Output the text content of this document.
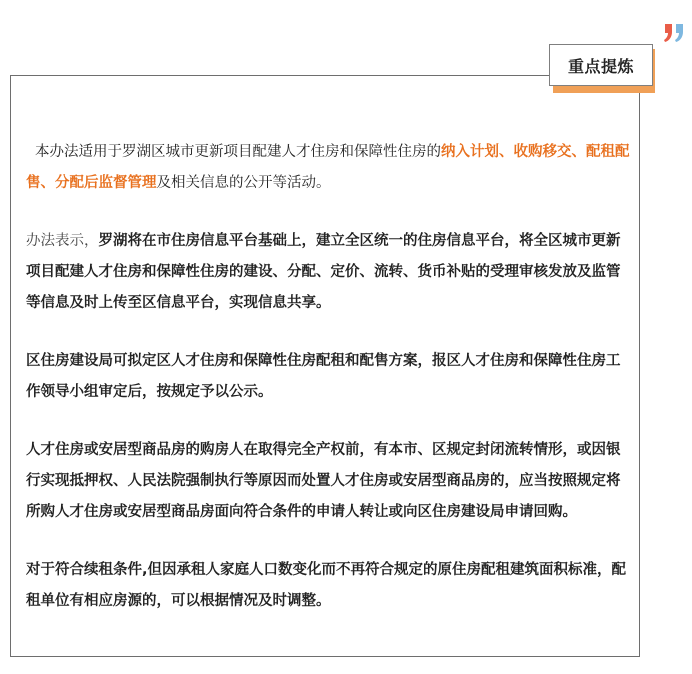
重点提炼

本办法适用于罗湖区城市更新项目配建人才住房和保障性住房的纳入计划、收购移交、配租配售、分配后监督管理及相关信息的公开等活动。

办法表示，罗湖将在市住房信息平台基础上，建立全区统一的住房信息平台，将全区城市更新项目配建人才住房和保障性住房的建设、分配、定价、流转、货币补贴的受理审核发放及监管等信息及时上传至区信息平台，实现信息共享。

区住房建设局可拟定区人才住房和保障性住房配租和配售方案，报区人才住房和保障性住房工作领导小组审定后，按规定予以公示。

人才住房或安居型商品房的购房人在取得完全产权前，有本市、区规定封闭流转情形，或因银行实现抵押权、人民法院强制执行等原因而处置人才住房或安居型商品房的，应当按照规定将所购人才住房或安居型商品房面向符合条件的申请人转让或向区住房建设局申请回购。

对于符合续租条件,但因承租人家庭人口数变化而不再符合规定的原住房配租建筑面积标准，配租单位有相应房源的，可以根据情况及时调整。
